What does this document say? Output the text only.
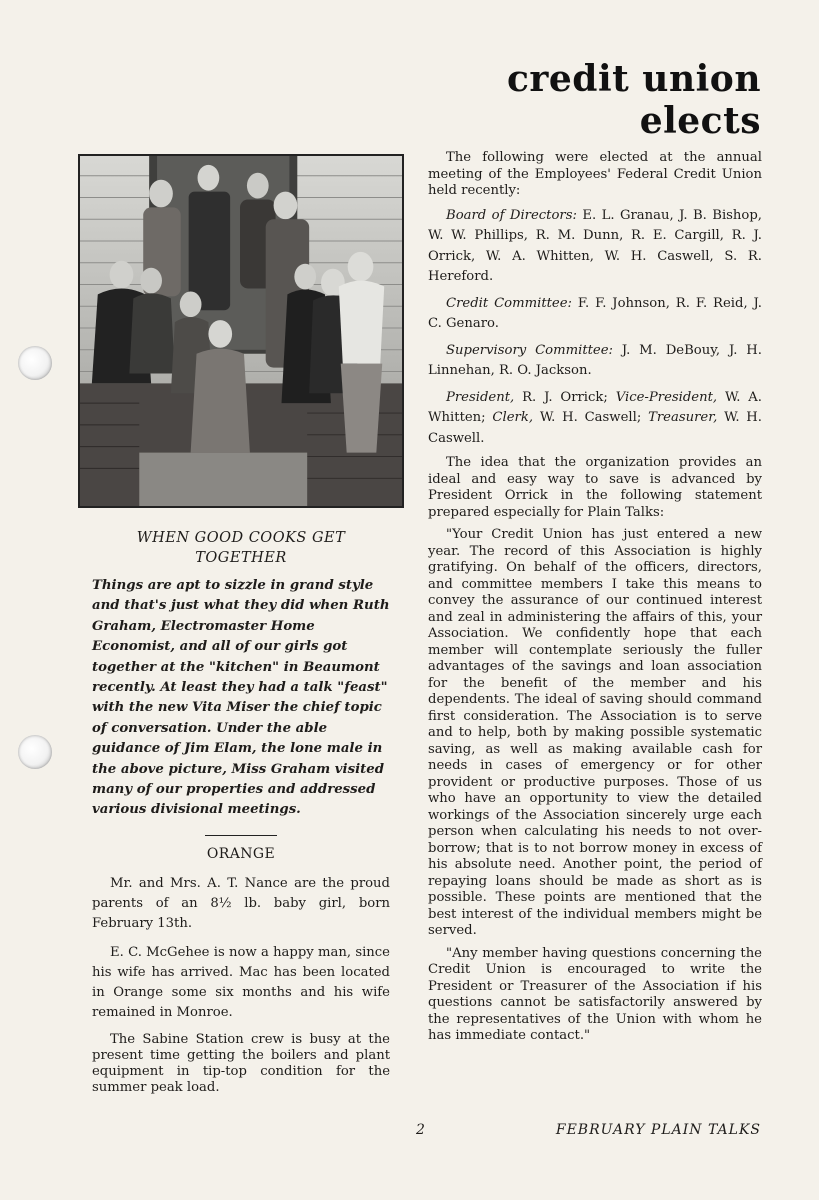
credit union
elects
WHEN GOOD COOKS GET
TOGETHER

Things are apt to sizzle in grand style and that's just what they did when Ruth Graham, Electromaster Home Economist, and all of our girls got together at the "kitchen" in Beaumont recently. At least they had a talk "feast" with the new Vita Miser the chief topic of conversation. Under the able guidance of Jim Elam, the lone male in the above picture, Miss Graham visited many of our properties and addressed various divisional meetings.

ORANGE

Mr. and Mrs. A. T. Nance are the proud parents of an 8½ lb. baby girl, born February 13th.

E. C. McGehee is now a happy man, since his wife has arrived. Mac has been located in Orange some six months and his wife remained in Monroe.

The Sabine Station crew is busy at the present time getting the boilers and plant equipment in tip-top condition for the summer peak load.

The following were elected at the annual meeting of the Employees' Federal Credit Union held recently:

Board of Directors: E. L. Granau, J. B. Bishop, W. W. Phillips, R. M. Dunn, R. E. Cargill, R. J. Orrick, W. A. Whitten, W. H. Caswell, S. R. Hereford.

Credit Committee: F. F. Johnson, R. F. Reid, J. C. Genaro.

Supervisory Committee: J. M. DeBouy, J. H. Linnehan, R. O. Jackson.

President, R. J. Orrick; Vice-President, W. A. Whitten; Clerk, W. H. Caswell; Treasurer, W. H. Caswell.

The idea that the organization provides an ideal and easy way to save is advanced by President Orrick in the following statement prepared especially for Plain Talks:

"Your Credit Union has just entered a new year. The record of this Association is highly gratifying. On behalf of the officers, directors, and committee members I take this means to convey the assurance of our continued interest and zeal in administering the affairs of this, your Association. We confidently hope that each member will contemplate seriously the fuller advantages of the savings and loan association for the benefit of the member and his dependents. The ideal of saving should command first consideration. The Association is to serve and to help, both by making possible systematic saving, as well as making available cash for needs in cases of emergency or for other provident or productive purposes. Those of us who have an opportunity to view the detailed workings of the Association sincerely urge each person when calculating his needs to not over-borrow; that is to not borrow money in excess of his absolute need. Another point, the period of repaying loans should be made as short as is possible. These points are mentioned that the best interest of the individual members might be served.

"Any member having questions concerning the Credit Union is encouraged to write the President or Treasurer of the Association if his questions cannot be satisfactorily answered by the representatives of the Union with whom he has immediate contact."

2	FEBRUARY PLAIN TALKS
